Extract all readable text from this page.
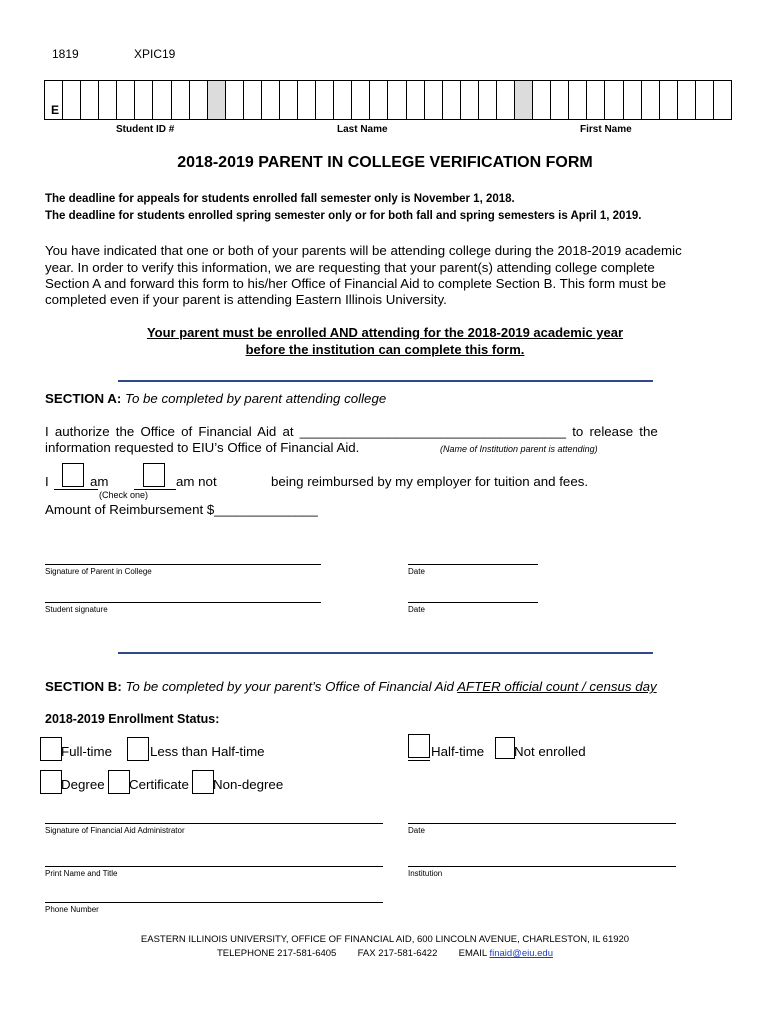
1819	XPIC19
E
Student ID #	Last Name	First Name
2018-2019 PARENT IN COLLEGE VERIFICATION FORM
The deadline for appeals for students enrolled fall semester only is November 1, 2018.
The deadline for students enrolled spring semester only or for both fall and spring semesters is April 1, 2019.
You have indicated that one or both of your parents will be attending college during the 2018-2019 academic
year. In order to verify this information, we are requesting that your parent(s) attending college complete
Section A and forward this form to his/her Office of Financial Aid to complete Section B. This form must be
completed even if your parent is attending Eastern Illinois University.
Your parent must be enrolled AND attending for the 2018-2019 academic year
before the institution can complete this form.
SECTION A: To be completed by parent attending college
I authorize the Office of Financial Aid at ____________________________________ to release the
information requested to EIU’s Office of Financial Aid.	(Name of Institution parent is attending)
I	am	am not	being reimbursed by my employer for tuition and fees.
(Check one)
Amount of Reimbursement $______________
Signature of Parent in College	Date
Student signature	Date
SECTION B: To be completed by your parent’s Office of Financial Aid AFTER official count / census day
2018-2019 Enrollment Status:
Full-time	Less than Half-time	Half-time Not enrolled
Degree Certificate Non-degree
Signature of Financial Aid Administrator	Date
Print Name and Title	Institution
Phone Number
EASTERN ILLINOIS UNIVERSITY, OFFICE OF FINANCIAL AID, 600 LINCOLN AVENUE, CHARLESTON, IL 61920
TELEPHONE 217-581-6405 FAX 217-581-6422 EMAIL finaid@eiu.edu
